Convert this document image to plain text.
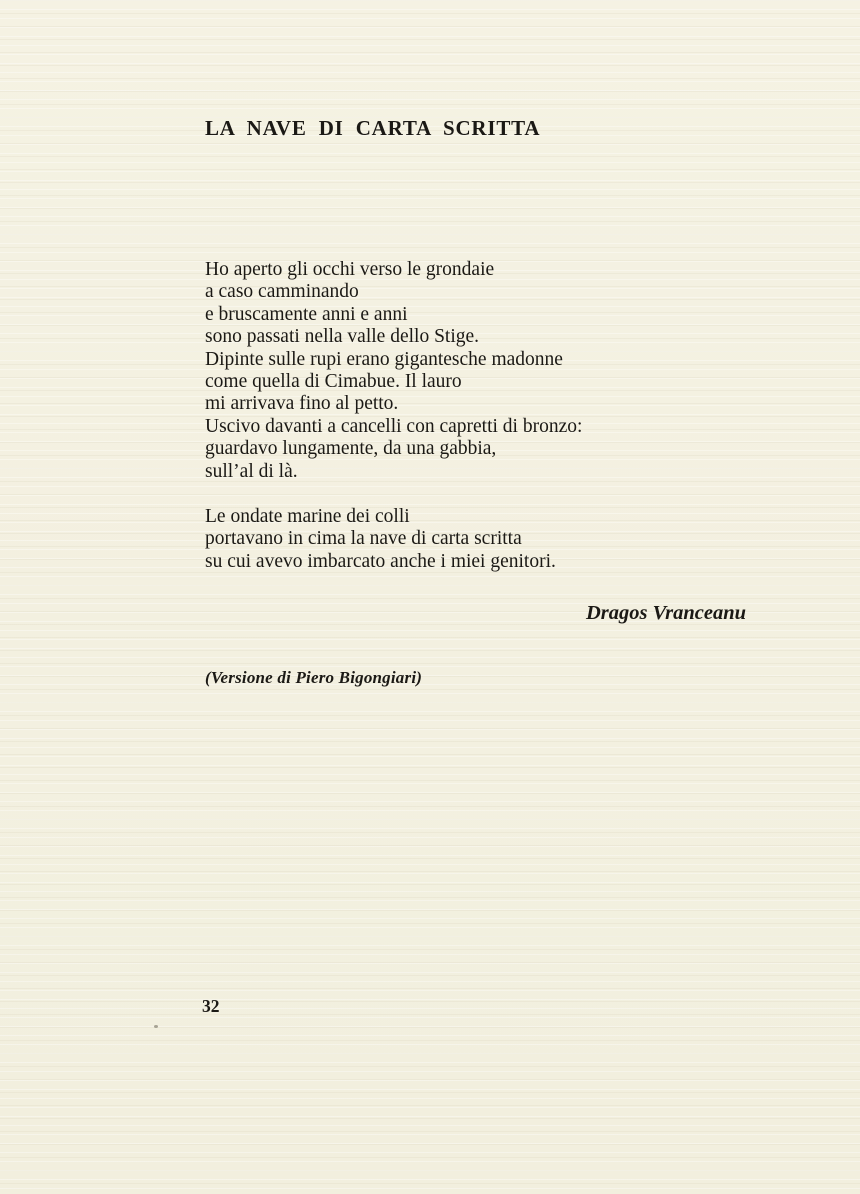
LA NAVE DI CARTA SCRITTA
Ho aperto gli occhi verso le grondaie
a caso camminando
e bruscamente anni e anni
sono passati nella valle dello Stige.
Dipinte sulle rupi erano gigantesche madonne
come quella di Cimabue. Il lauro
mi arrivava fino al petto.
Uscivo davanti a cancelli con capretti di bronzo:
guardavo lungamente, da una gabbia,
sull’al di là.
Le ondate marine dei colli
portavano in cima la nave di carta scritta
su cui avevo imbarcato anche i miei genitori.
Dragos Vranceanu
(Versione di Piero Bigongiari)
32
